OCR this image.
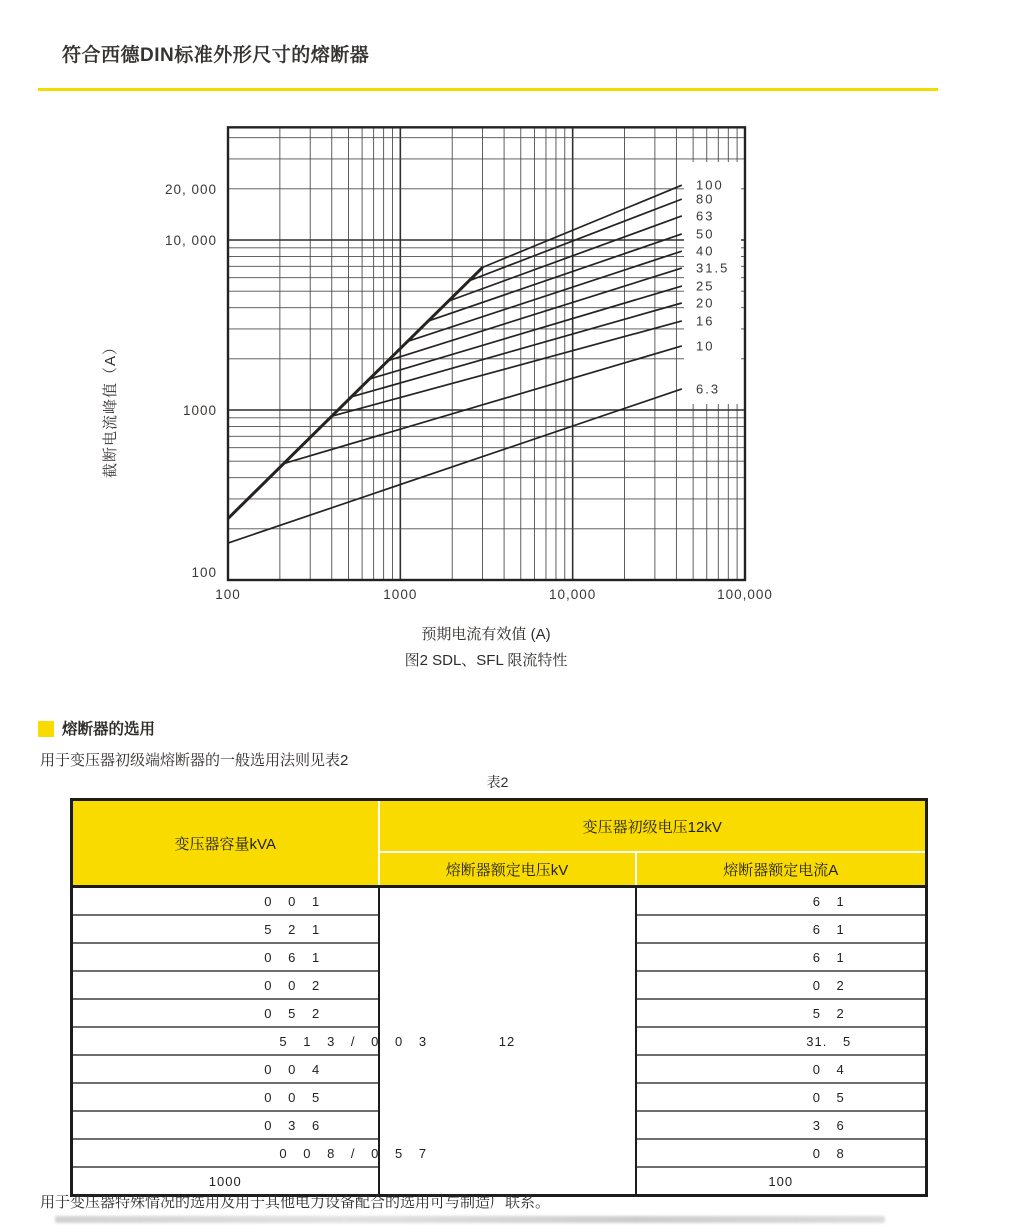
符合西德DIN标准外形尺寸的熔断器
100
80
63
50
40
31.5
25
20
16
10
6.3
100
1000
10, 000
20, 000
100	1000	10,000	100,000
截断电流峰值（A）
预期电流有效值 (A)
图2 SDL、SFL 限流特性
熔断器的选用
用于变压器初级端熔断器的一般选用法则见表2
表2
变压器容量kVA	变压器初级电压12kV	
	熔断器额定电压kV	熔断器额定电流A
0 0 1	12	6 1
5 2 1		6 1
0 6 1		6 1
0 0 2		0 2
0 5 2		5 2
5 1 3 / 0 0 3		31. 5
0 0 4		0 4
0 0 5		0 5
0 3 6		3 6
0 0 8 / 0 5 7		0 8
1000		100
用于变压器特殊情况的选用及用于其他电力设备配合的选用可与制造厂联系。
